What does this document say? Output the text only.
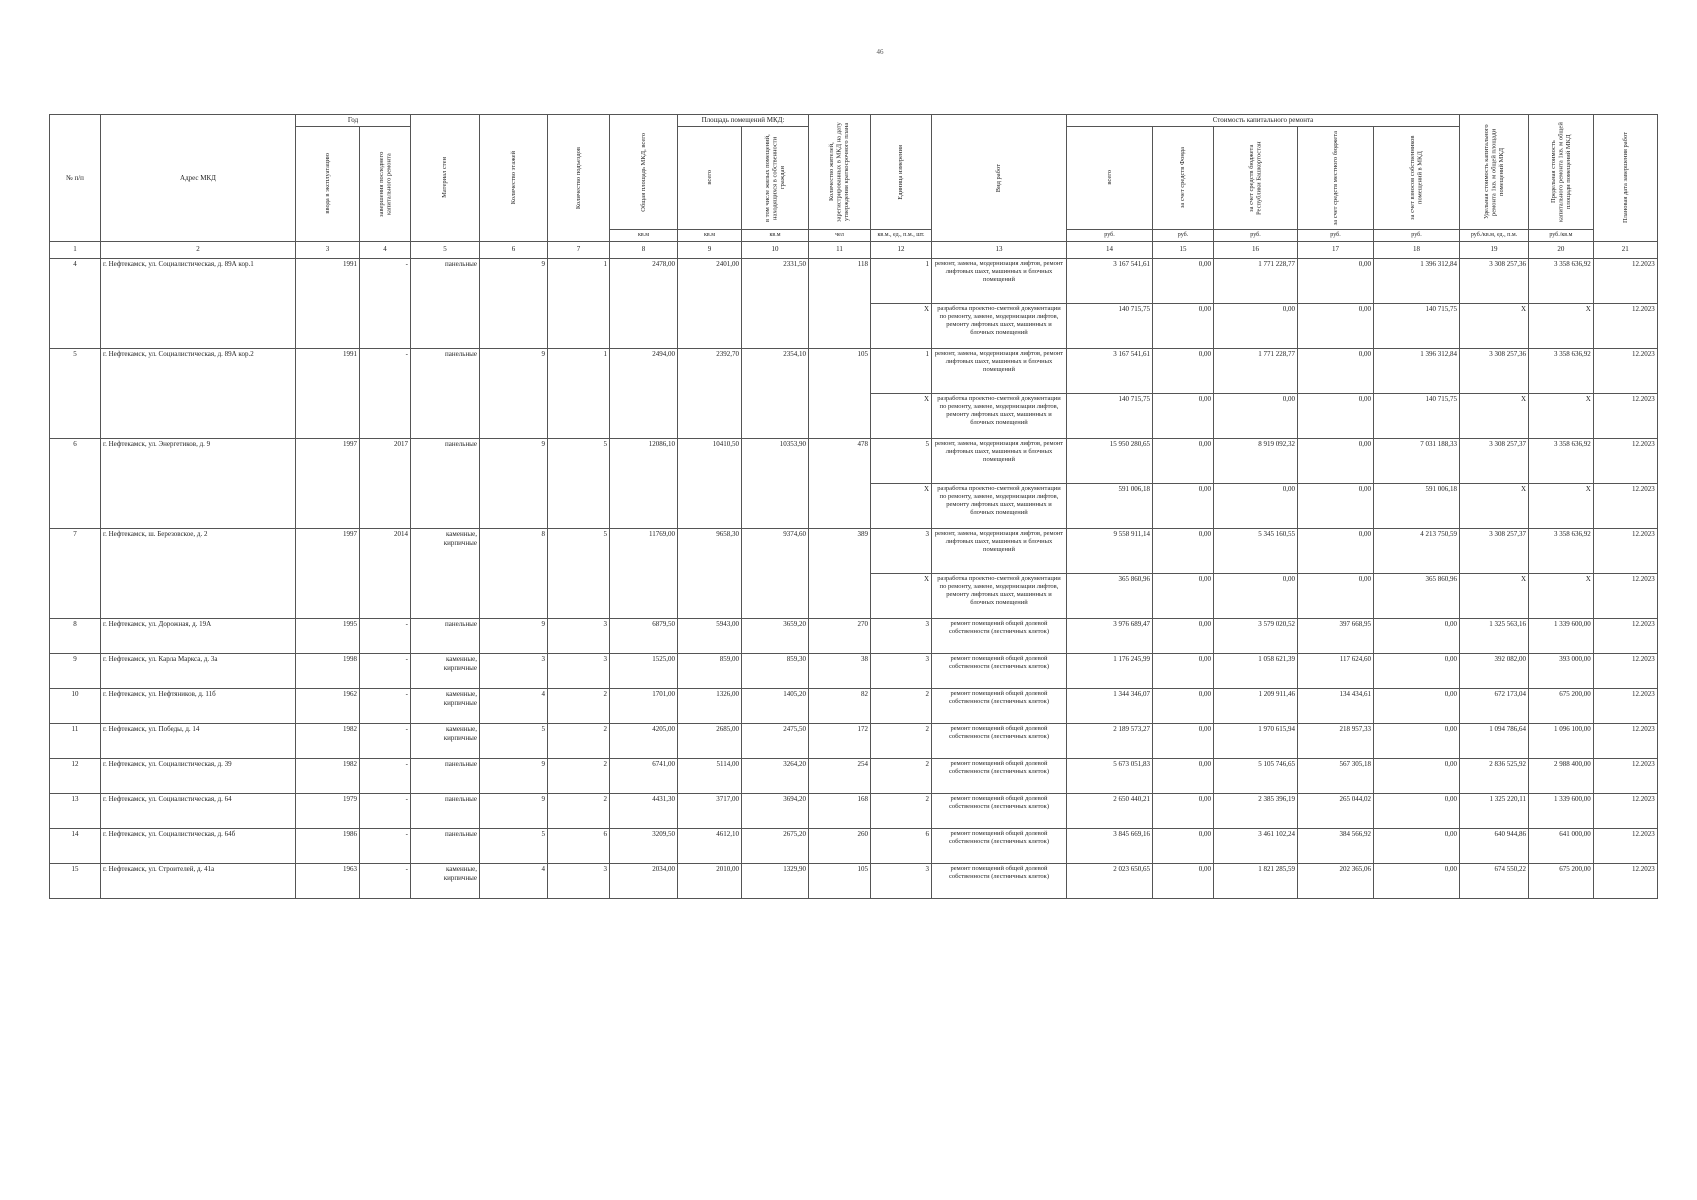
46
№ п/п	Адрес МКД	Год		Материал стен	Количество этажей	Количество подъездов	Общая площадь МКД, всего	Площадь помещений МКД:		Количество жителей, зарегистрированных в МКД на дату утверждения краткосрочного плана	Единица измерения	Вид работ	Стоимость капитального ремонта					Удельная стоимость капитального ремонта 1кв. м общей площади помещений МКД	Предельная стоимость капитального ремонта 1кв. м общей площади помещений МКД	Плановая дата завершения работ

		ввода в эксплуатацию	завершения последнего капитального ремонта					всего	в том числе жилых помещений, находящихся в собственности граждан				всего	за счет средств Фонда	за счет средств бюджета Республики Башкортостан	за счет средств местного бюджета	за счет взносов собственников помещений в МКД			

							кв.м	кв.м	кв.м	чел	кв.м., ед., п.м., шт.		руб.	руб.	руб.	руб.	руб.	руб./кв.м, ед., п.м.	руб./кв.м	
1	2	3	4	5	6	7	8	9	10	11	12	13	14	15	16	17	18	19	20	21
4	г. Нефтекамск, ул. Социалистическая, д. 89А кор.1	1991	-	панельные	9	1	2478,00	2401,00	2331,50	118	1	ремонт, замена, модернизация лифтов, ремонт лифтовых шахт, машинных и блочных помещений	3 167 541,61	0,00	1 771 228,77	0,00	1 396 312,84	3 308 257,36	3 358 636,92	12.2023
											X	разработка проектно-сметной документации по ремонту, замене, модернизации лифтов, ремонту лифтовых шахт, машинных и блочных помещений	140 715,75	0,00	0,00	0,00	140 715,75	X	X	12.2023
5	г. Нефтекамск, ул. Социалистическая, д. 89А кор.2	1991	-	панельные	9	1	2494,00	2392,70	2354,10	105	1	ремонт, замена, модернизация лифтов, ремонт лифтовых шахт, машинных и блочных помещений	3 167 541,61	0,00	1 771 228,77	0,00	1 396 312,84	3 308 257,36	3 358 636,92	12.2023
											X	разработка проектно-сметной документации по ремонту, замене, модернизации лифтов, ремонту лифтовых шахт, машинных и блочных помещений	140 715,75	0,00	0,00	0,00	140 715,75	X	X	12.2023
6	г. Нефтекамск, ул. Энергетиков, д. 9	1997	2017	панельные	9	5	12086,10	10410,50	10353,90	478	5	ремонт, замена, модернизация лифтов, ремонт лифтовых шахт, машинных и блочных помещений	15 950 280,65	0,00	8 919 092,32	0,00	7 031 188,33	3 308 257,37	3 358 636,92	12.2023
											X	разработка проектно-сметной документации по ремонту, замене, модернизации лифтов, ремонту лифтовых шахт, машинных и блочных помещений	591 006,18	0,00	0,00	0,00	591 006,18	X	X	12.2023
7	г. Нефтекамск, ш. Березовское, д. 2	1997	2014	каменные, кирпичные	8	5	11769,00	9658,30	9374,60	389	3	ремонт, замена, модернизация лифтов, ремонт лифтовых шахт, машинных и блочных помещений	9 558 911,14	0,00	5 345 160,55	0,00	4 213 750,59	3 308 257,37	3 358 636,92	12.2023
											X	разработка проектно-сметной документации по ремонту, замене, модернизации лифтов, ремонту лифтовых шахт, машинных и блочных помещений	365 860,96	0,00	0,00	0,00	365 860,96	X	X	12.2023
8	г. Нефтекамск, ул. Дорожная, д. 19А	1995	-	панельные	9	3	6879,50	5943,00	3659,20	270	3	ремонт помещений общей долевой собственности (лестничных клеток)	3 976 689,47	0,00	3 579 020,52	397 668,95	0,00	1 325 563,16	1 339 600,00	12.2023
9	г. Нефтекамск, ул. Карла Маркса, д. 3а	1998	-	каменные, кирпичные	3	3	1525,00	859,00	859,30	38	3	ремонт помещений общей долевой собственности (лестничных клеток)	1 176 245,99	0,00	1 058 621,39	117 624,60	0,00	392 082,00	393 000,00	12.2023
10	г. Нефтекамск, ул. Нефтяников, д. 11б	1962	-	каменные, кирпичные	4	2	1701,00	1326,00	1405,20	82	2	ремонт помещений общей долевой собственности (лестничных клеток)	1 344 346,07	0,00	1 209 911,46	134 434,61	0,00	672 173,04	675 200,00	12.2023
11	г. Нефтекамск, ул. Победы, д. 14	1982	-	каменные, кирпичные	5	2	4205,00	2685,00	2475,50	172	2	ремонт помещений общей долевой собственности (лестничных клеток)	2 189 573,27	0,00	1 970 615,94	218 957,33	0,00	1 094 786,64	1 096 100,00	12.2023
12	г. Нефтекамск, ул. Социалистическая, д. 39	1982	-	панельные	9	2	6741,00	5114,00	3264,20	254	2	ремонт помещений общей долевой собственности (лестничных клеток)	5 673 051,83	0,00	5 105 746,65	567 305,18	0,00	2 836 525,92	2 988 400,00	12.2023
13	г. Нефтекамск, ул. Социалистическая, д. 64	1979	-	панельные	9	2	4431,30	3717,00	3694,20	168	2	ремонт помещений общей долевой собственности (лестничных клеток)	2 650 440,21	0,00	2 385 396,19	265 044,02	0,00	1 325 220,11	1 339 600,00	12.2023
14	г. Нефтекамск, ул. Социалистическая, д. 64б	1986	-	панельные	5	6	3209,50	4612,10	2675,20	260	6	ремонт помещений общей долевой собственности (лестничных клеток)	3 845 669,16	0,00	3 461 102,24	384 566,92	0,00	640 944,86	641 000,00	12.2023
15	г. Нефтекамск, ул. Строителей, д. 41а	1963	-	каменные, кирпичные	4	3	2034,00	2010,00	1329,90	105	3	ремонт помещений общей долевой собственности (лестничных клеток)	2 023 650,65	0,00	1 821 285,59	202 365,06	0,00	674 550,22	675 200,00	12.2023
